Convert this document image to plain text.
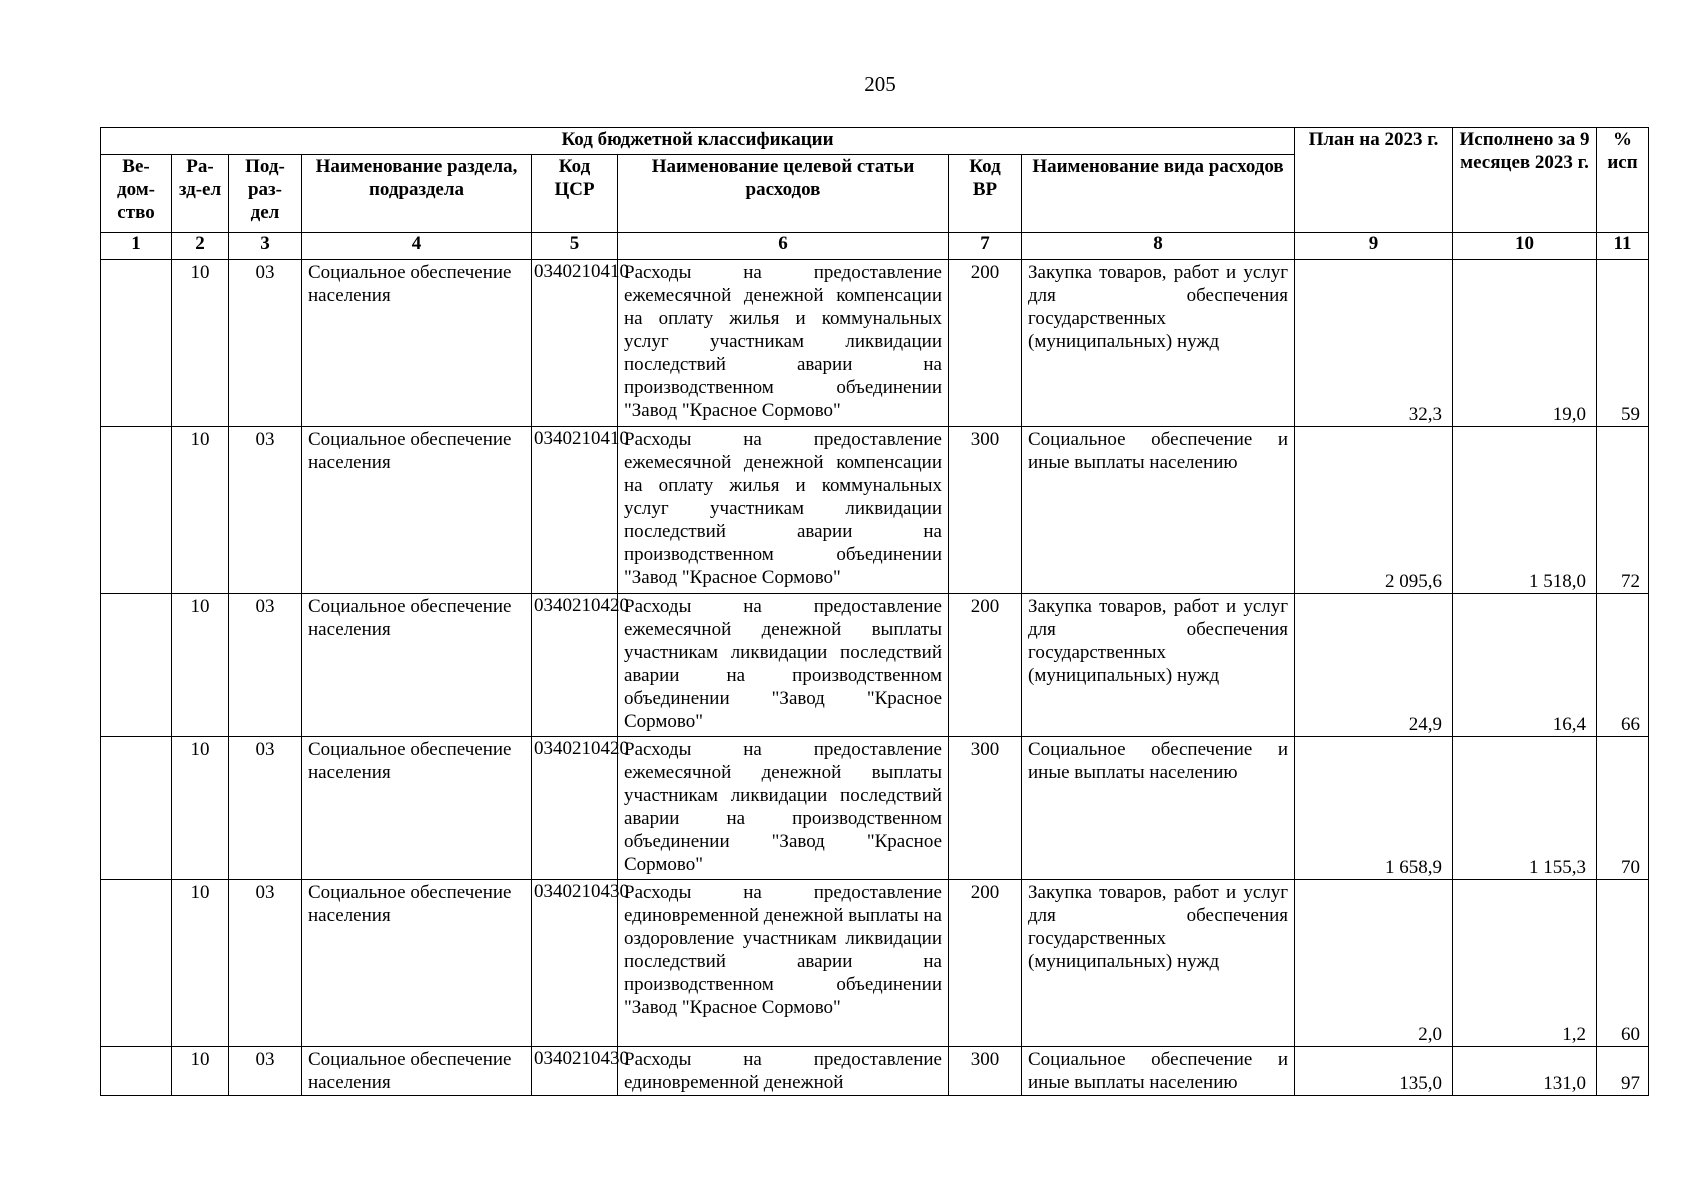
205
Код бюджетной классификации								План на 2023 г.	Исполнено за 9 месяцев 2023 г.	% исп
Ве-дом-ство	Ра-зд-ел	Под-раз-дел	Наименование раздела, подраздела	Код ЦСР	Наименование целевой статьи расходов	Код ВР	Наименование вида расходов			
1	2	3	4	5	6	7	8	9	10	11
	10	03	Социальное обеспечение населения	0340210410	Расходы на предоставление ежемесячной денежной компенсации на оплату жилья и коммунальных услуг участникам ликвидации последствий аварии на производственном объединении "Завод "Красное Сормово"	200	Закупка товаров, работ и услуг для обеспечения государственных (муниципальных) нужд	32,3	19,0	59
	10	03	Социальное обеспечение населения	0340210410	Расходы на предоставление ежемесячной денежной компенсации на оплату жилья и коммунальных услуг участникам ликвидации последствий аварии на производственном объединении "Завод "Красное Сормово"	300	Социальное обеспечение и иные выплаты населению	2 095,6	1 518,0	72
	10	03	Социальное обеспечение населения	0340210420	Расходы на предоставление ежемесячной денежной выплаты участникам ликвидации последствий аварии на производственном объединении "Завод "Красное Сормово"	200	Закупка товаров, работ и услуг для обеспечения государственных (муниципальных) нужд	24,9	16,4	66
	10	03	Социальное обеспечение населения	0340210420	Расходы на предоставление ежемесячной денежной выплаты участникам ликвидации последствий аварии на производственном объединении "Завод "Красное Сормово"	300	Социальное обеспечение и иные выплаты населению	1 658,9	1 155,3	70
	10	03	Социальное обеспечение населения	0340210430	Расходы на предоставление единовременной денежной выплаты на оздоровление участникам ликвидации последствий аварии на производственном объединении "Завод "Красное Сормово"	200	Закупка товаров, работ и услуг для обеспечения государственных (муниципальных) нужд	2,0	1,2	60
	10	03	Социальное обеспечение населения	0340210430	Расходы на предоставление единовременной денежной	300	Социальное обеспечение и иные выплаты населению	135,0	131,0	97
